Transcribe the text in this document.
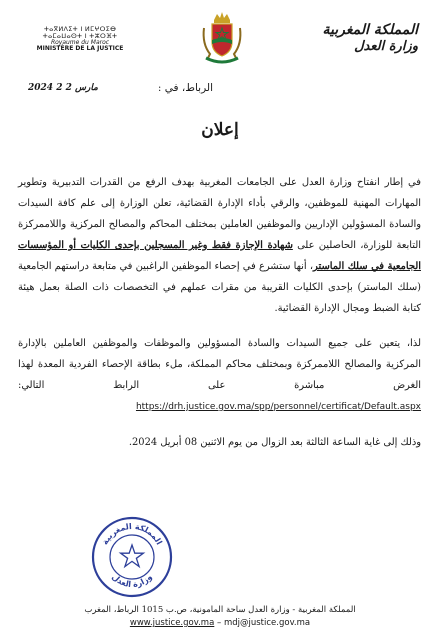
ⵜⴰⴳⵍⴷⵉⵜ ⵏ ⵍⵎⵖⵔⵉⴱ
ⵜⴰⵎⴰⵡⴰⵙⵜ ⵏ ⵜⵣⵔⴼⵜ
Royaume du Maroc
MINISTÈRE DE LA JUSTICE
المملكة المغربية
وزارة العدل
الرباط، في :
2024 مارس 2 2
إعلان

في إطار انفتاح وزارة العدل على الجامعات المغربية بهدف الرفع من القدرات التدبيرية وتطوير المهارات المهنية للموظفين، والرقي بأداء الإدارة القضائية، تعلن الوزارة إلى علم كافة السيدات والسادة المسؤولين الإداريين والموظفين العاملين بمختلف المحاكم والمصالح المركزية واللاممركزة التابعة للوزارة، الحاصلين على شهادة الإجازة فقط وغير المسجلين بإحدى الكليات أو المؤسسات الجامعية في سلك الماستر، أنها ستشرع في إحصاء الموظفين الراغبين في متابعة دراستهم الجامعية (سلك الماستر) بإحدى الكليات القريبة من مقرات عملهم في التخصصات ذات الصلة بعمل هيئة كتابة الضبط ومجال الإدارة القضائية.

لذا، يتعين على جميع السيدات والسادة المسؤولين والموظفات والموظفين العاملين بالإدارة المركزية والمصالح اللاممركزة وبمختلف محاكم المملكة، ملء بطاقة الإحصاء الفردية المعدة لهذا الغرض مباشرة على الرابط التالي: https://drh.justice.gov.ma/spp/personnel/certificat/Default.aspx

وذلك إلى غاية الساعة الثالثة بعد الزوال من يوم الاثنين 08 أبريل 2024.

المملكة المغربية
وزارة العدل
المملكة المغربية - وزارة العدل ساحة المامونية، ص.ب 1015 الرباط، المغرب
www.justice.gov.ma – mdj@justice.gov.ma
